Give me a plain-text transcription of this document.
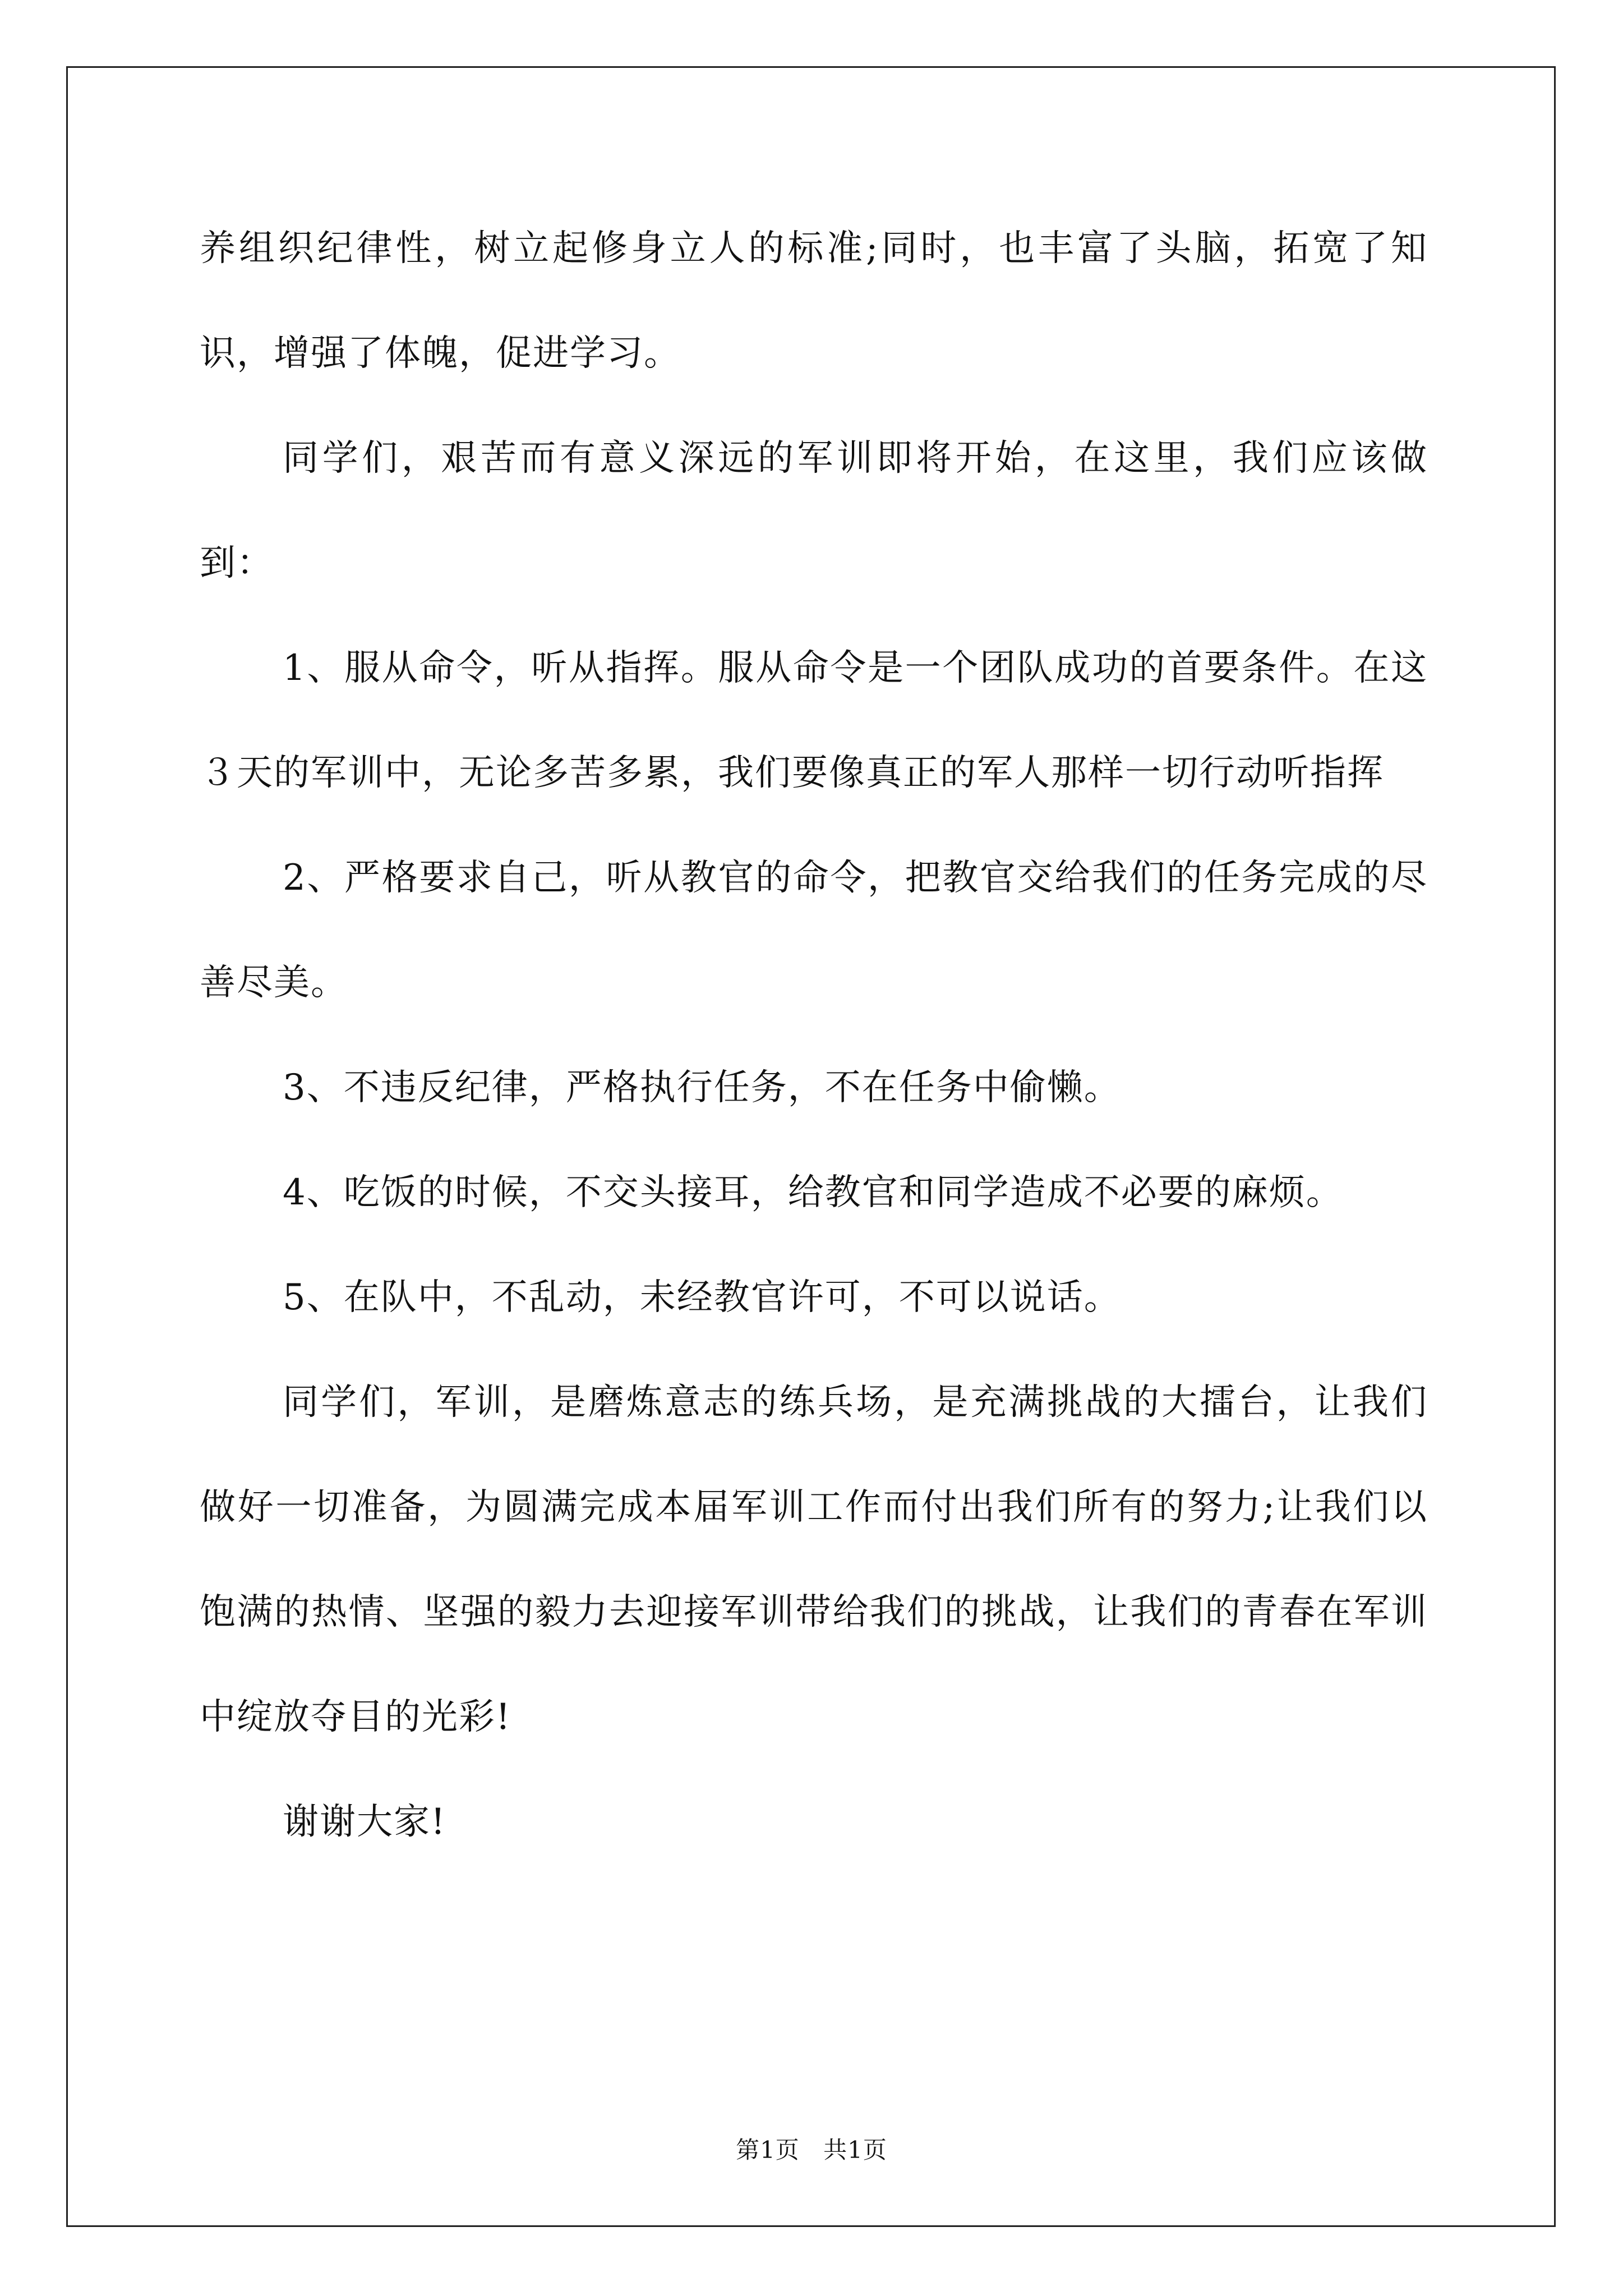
养组织纪律性，树立起修身立人的标准;同时，也丰富了头脑，拓宽了知识，增强了体魄，促进学习。

同学们，艰苦而有意义深远的军训即将开始，在这里，我们应该做到：

1、服从命令，听从指挥。服从命令是一个团队成功的首要条件。在这３天的军训中，无论多苦多累，我们要像真正的军人那样一切行动听指挥

2、严格要求自己，听从教官的命令，把教官交给我们的任务完成的尽善尽美。

3、不违反纪律，严格执行任务，不在任务中偷懒。

4、吃饭的时候，不交头接耳，给教官和同学造成不必要的麻烦。

5、在队中，不乱动，未经教官许可，不可以说话。

同学们，军训，是磨炼意志的练兵场，是充满挑战的大擂台，让我们做好一切准备，为圆满完成本届军训工作而付出我们所有的努力;让我们以饱满的热情、坚强的毅力去迎接军训带给我们的挑战，让我们的青春在军训中绽放夺目的光彩!

谢谢大家!

第1页 共1页
